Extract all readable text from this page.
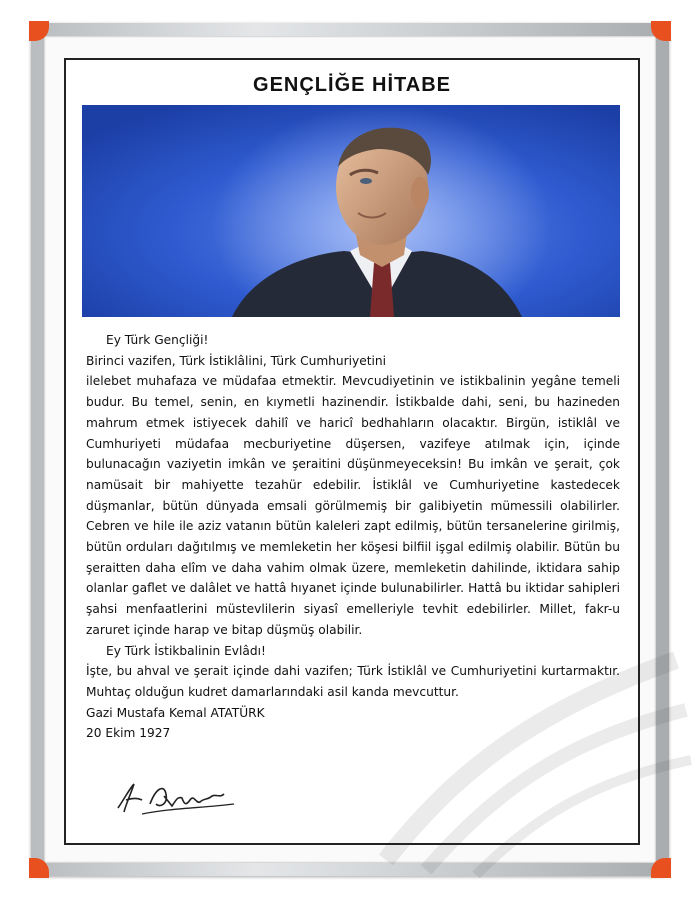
GENÇLİĞE HİTABE

Ey Türk Gençliği!

Birinci vazifen, Türk İstiklâlini, Türk Cumhuriyetini

ilelebet muhafaza ve müdafaa etmektir. Mevcudiyetinin ve istikbalinin yegâne temeli budur. Bu temel, senin, en kıymetli hazinendir. İstikbalde dahi, seni, bu hazineden mahrum etmek istiyecek dahilî ve haricî bedhahların olacaktır. Birgün, istiklâl ve Cumhuriyeti müdafaa mecburiyetine düşersen, vazifeye atılmak için, içinde bulunacağın vaziyetin imkân ve şeraitini düşünmeyeceksin! Bu imkân ve şerait, çok namüsait bir mahiyette tezahür edebilir. İstiklâl ve Cumhuriyetine kastedecek düşmanlar, bütün dünyada emsali görülmemiş bir galibiyetin mümessili olabilirler. Cebren ve hile ile aziz vatanın bütün kaleleri zapt edilmiş, bütün tersanelerine girilmiş, bütün orduları dağıtılmış ve memleketin her köşesi bilfiil işgal edilmiş olabilir. Bütün bu şeraitten daha elîm ve daha vahim olmak üzere, memleketin dahilinde, iktidara sahip olanlar gaflet ve dalâlet ve hattâ hıyanet içinde bulunabilirler. Hattâ bu iktidar sahipleri şahsi menfaatlerini müstevlilerin siyasî emelleriyle tevhit edebilirler. Millet, fakr-u zaruret içinde harap ve bitap düşmüş olabilir.

Ey Türk İstikbalinin Evlâdı!

İşte, bu ahval ve şerait içinde dahi vazifen; Türk İstiklâl ve Cumhuriyetini kurtarmaktır. Muhtaç olduğun kudret damarlarındaki asil kanda mevcuttur.

Gazi Mustafa Kemal ATATÜRK

20 Ekim 1927
